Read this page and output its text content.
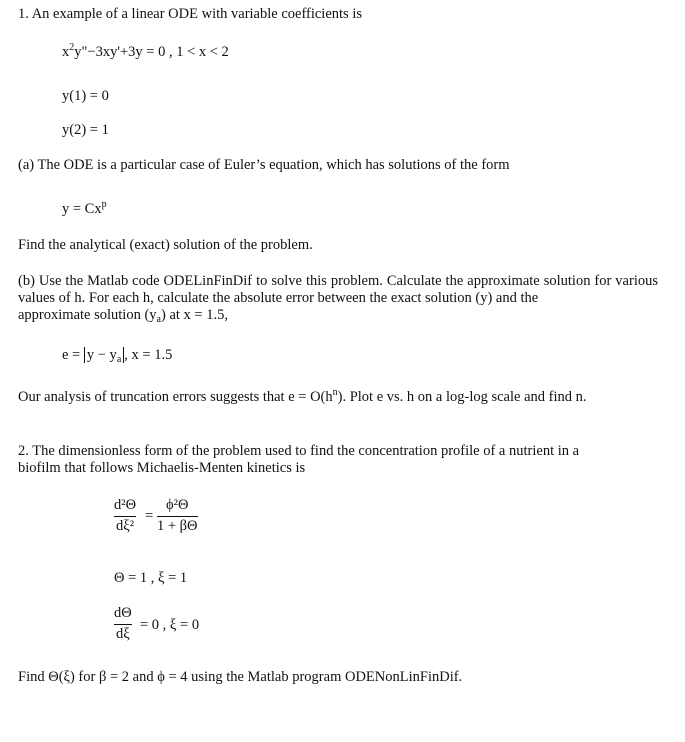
1. An example of a linear ODE with variable coefficients is
$x^2y"-3xy'+3y = 0$ , 1 < x < 2
y(1) = 0
y(2) = 1
(a) The ODE is a particular case of Euler’s equation, which has solutions of the form
$y = Cx^p$
Find the analytical (exact) solution of the problem.
(b) Use the Matlab code ODELinFinDif to solve this problem. Calculate the approximate solution for various values of h. For each h, calculate the absolute error between the exact solution (y) and the
approximate solution $(y_a)$ at x = 1.5,
$e = y - y_a$ , x = 1.5
Our analysis of truncation errors suggests that $e = O(h^n)$. Plot e vs. h on a log-log scale and find n.
2. The dimensionless form of the problem used to find the concentration profile of a nutrient in a
biofilm that follows Michaelis-Menten kinetics is
d²Θ
dξ²
=
ϕ²Θ
1 + βΘ
Θ = 1 , ξ = 1
dΘ
dξ
= 0 , ξ = 0
Find Θ(ξ) for β = 2 and ϕ = 4 using the Matlab program ODENonLinFinDif.
